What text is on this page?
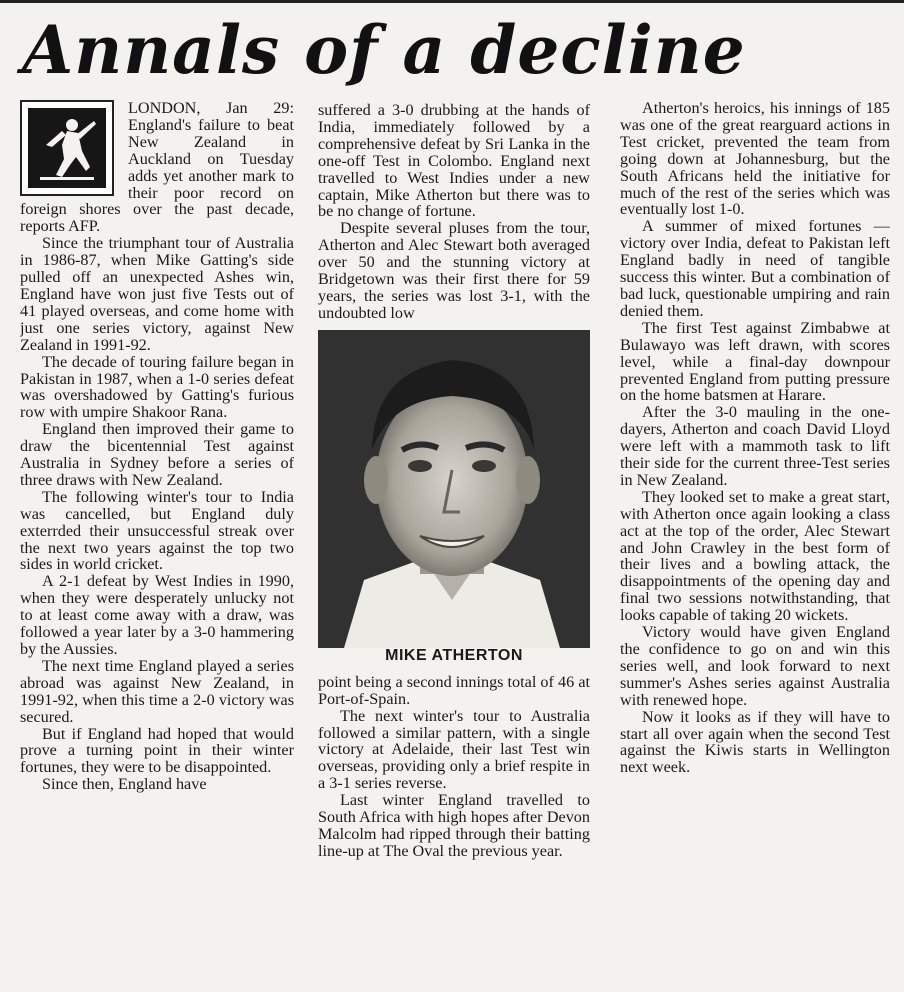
Annals of a decline

LONDON, Jan 29: England's failure to beat New Zealand in Auckland on Tuesday adds yet another mark to their poor record on foreign shores over the past decade, reports AFP.

Since the triumphant tour of Australia in 1986-87, when Mike Gatting's side pulled off an unexpected Ashes win, England have won just five Tests out of 41 played overseas, and come home with just one series victory, against New Zealand in 1991-92.

The decade of touring failure began in Pakistan in 1987, when a 1-0 series defeat was overshadowed by Gatting's furious row with umpire Shakoor Rana.

England then improved their game to draw the bicentennial Test against Australia in Sydney before a series of three draws with New Zealand.

The following winter's tour to India was cancelled, but England duly exterrded their unsuccessful streak over the next two years against the top two sides in world cricket.

A 2-1 defeat by West Indies in 1990, when they were desperately unlucky not to at least come away with a draw, was followed a year later by a 3-0 hammering by the Aussies.

The next time England played a series abroad was against New Zealand, in 1991-92, when this time a 2-0 victory was secured.

But if England had hoped that would prove a turning point in their winter fortunes, they were to be disappointed.

Since then, England have

suffered a 3-0 drubbing at the hands of India, immediately followed by a comprehensive defeat by Sri Lanka in the one-off Test in Colombo. England next travelled to West Indies under a new captain, Mike Atherton but there was to be no change of fortune.

Despite several pluses from the tour, Atherton and Alec Stewart both averaged over 50 and the stunning victory at Bridgetown was their first there for 59 years, the series was lost 3-1, with the undoubted low

MIKE ATHERTON

point being a second innings total of 46 at Port-of-Spain.

The next winter's tour to Australia followed a similar pattern, with a single victory at Adelaide, their last Test win overseas, providing only a brief respite in a 3-1 series reverse.

Last winter England travelled to South Africa with high hopes after Devon Malcolm had ripped through their batting line-up at The Oval the previous year.

Atherton's heroics, his innings of 185 was one of the great rearguard actions in Test cricket, prevented the team from going down at Johannesburg, but the South Africans held the initiative for much of the rest of the series which was eventually lost 1-0.

A summer of mixed fortunes — victory over India, defeat to Pakistan left England badly in need of tangible success this winter. But a combination of bad luck, questionable umpiring and rain denied them.

The first Test against Zimbabwe at Bulawayo was left drawn, with scores level, while a final-day downpour prevented England from putting pressure on the home batsmen at Harare.

After the 3-0 mauling in the one-dayers, Atherton and coach David Lloyd were left with a mammoth task to lift their side for the current three-Test series in New Zealand.

They looked set to make a great start, with Atherton once again looking a class act at the top of the order, Alec Stewart and John Crawley in the best form of their lives and a bowling attack, the disappointments of the opening day and final two sessions notwithstanding, that looks capable of taking 20 wickets.

Victory would have given England the confidence to go on and win this series well, and look forward to next summer's Ashes series against Australia with renewed hope.

Now it looks as if they will have to start all over again when the second Test against the Kiwis starts in Wellington next week.
